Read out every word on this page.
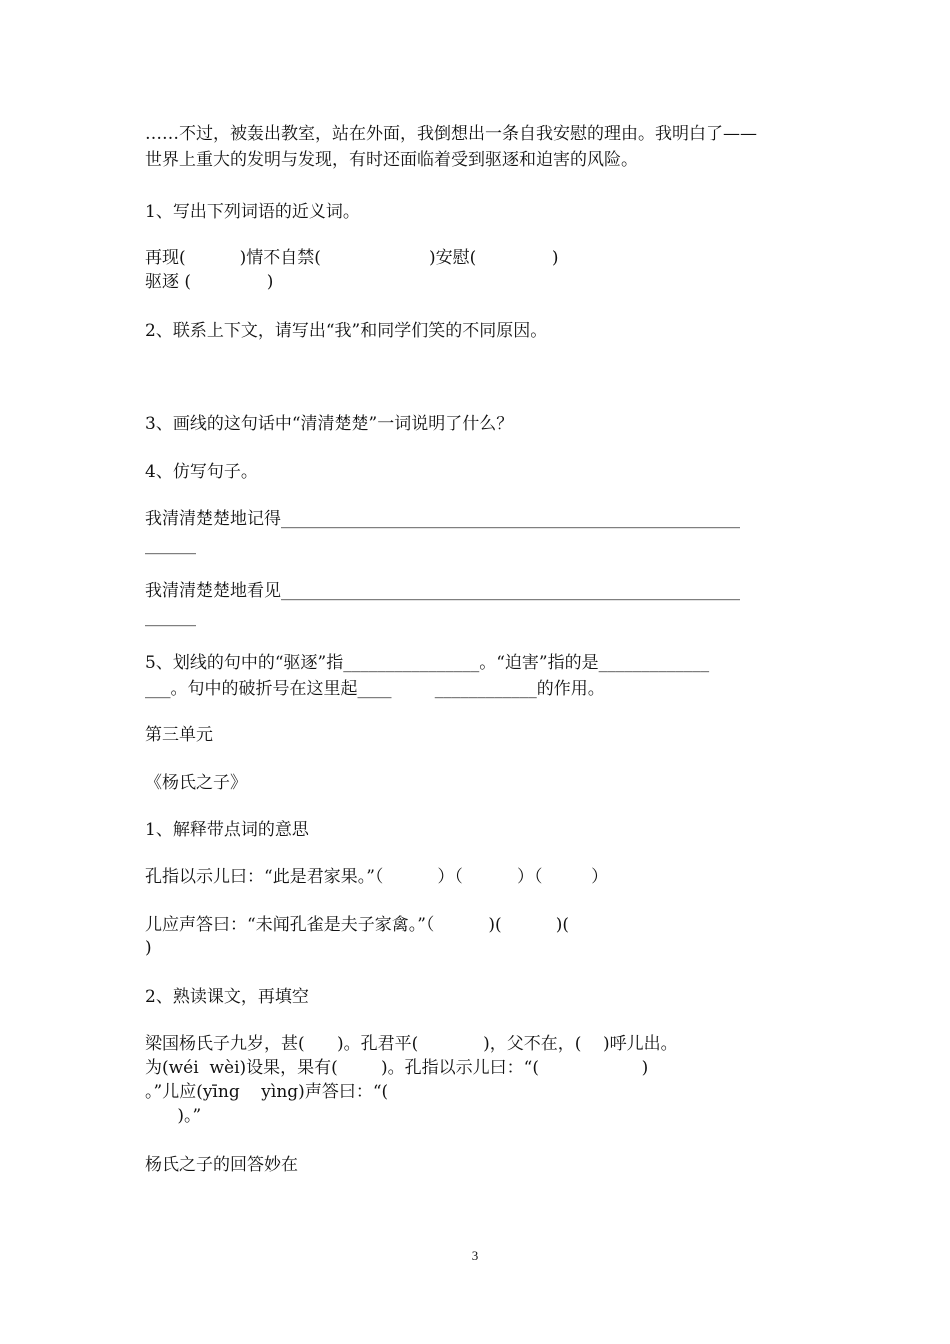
……不过，被轰出教室，站在外面，我倒想出一条自我安慰的理由。我明白了——
世界上重大的发明与发现，有时还面临着受到驱逐和迫害的风险。
1、写出下列词语的近义词。
再现(          )情不自禁(                    )安慰(              )
驱逐 (              )
2、联系上下文，请写出“我”和同学们笑的不同原因。
3、画线的这句话中“清清楚楚”一词说明了什么？
4、仿写句子。
我清清楚楚地记得______________________________________________________
______
我清清楚楚地看见______________________________________________________
______
5、划线的句中的“驱逐”指________________。“迫害”指的是_____________
___。句中的破折号在这里起____        ____________的作用。
第三单元
《杨氏之子》
1、解释带点词的意思
孔指以示儿曰：“此是君家果。”（          ）（          ）（         ）
儿应声答曰：“未闻孔雀是夫子家禽。”（          )(          )(
)
2、熟读课文，再填空
梁国杨氏子九岁，甚(      )。孔君平(            )，父不在，(    )呼儿出。
为(wéi  wèi)设果，果有(        )。孔指以示儿曰：“(                   )
。”儿应(yīng    yìng)声答曰：“(
)。”
杨氏之子的回答妙在
3
